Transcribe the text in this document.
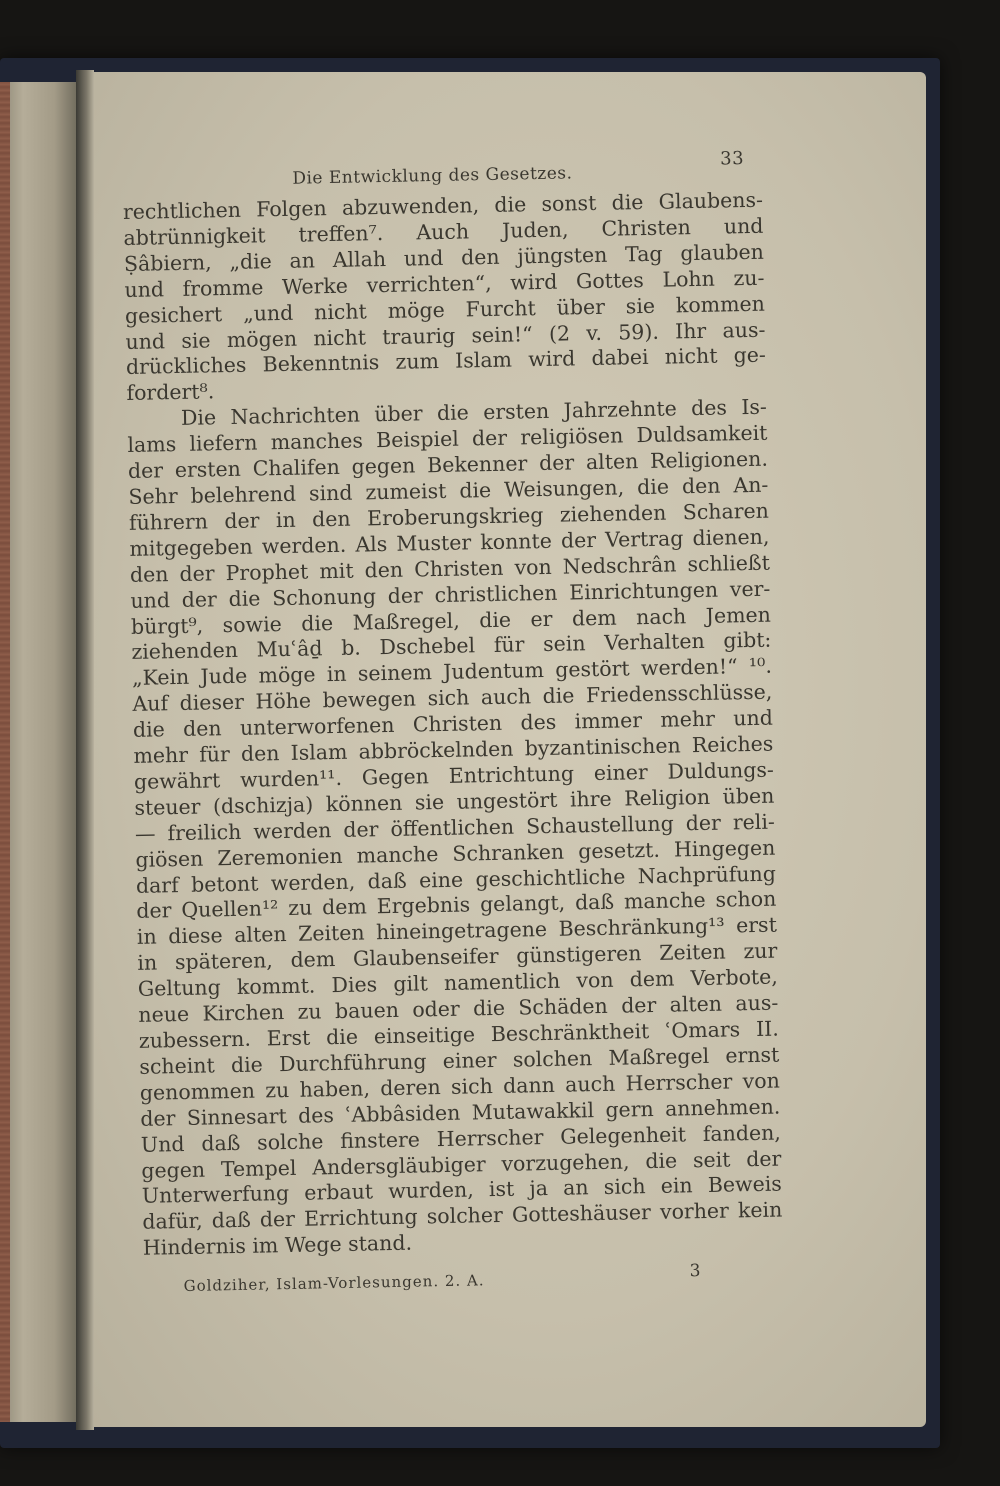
Die Entwicklung des Gesetzes.
33
rechtlichen Folgen abzuwenden, die sonst die Glaubens-
abtrünnigkeit treffen⁷. Auch Juden, Christen und
Ṣâbiern, „die an Allah und den jüngsten Tag glauben
und fromme Werke verrichten“, wird Gottes Lohn zu-
gesichert „und nicht möge Furcht über sie kommen
und sie mögen nicht traurig sein!“ (2 v. 59). Ihr aus-
drückliches Bekenntnis zum Islam wird dabei nicht ge-
fordert⁸.
Die Nachrichten über die ersten Jahrzehnte des Is-
lams liefern manches Beispiel der religiösen Duldsamkeit
der ersten Chalifen gegen Bekenner der alten Religionen.
Sehr belehrend sind zumeist die Weisungen, die den An-
führern der in den Eroberungskrieg ziehenden Scharen
mitgegeben werden. Als Muster konnte der Vertrag dienen,
den der Prophet mit den Christen von Nedschrân schließt
und der die Schonung der christlichen Einrichtungen ver-
bürgt⁹, sowie die Maßregel, die er dem nach Jemen
ziehenden Muʿâḏ b. Dschebel für sein Verhalten gibt:
„Kein Jude möge in seinem Judentum gestört werden!“ ¹⁰.
Auf dieser Höhe bewegen sich auch die Friedensschlüsse,
die den unterworfenen Christen des immer mehr und
mehr für den Islam abbröckelnden byzantinischen Reiches
gewährt wurden¹¹. Gegen Entrichtung einer Duldungs-
steuer (dschizja) können sie ungestört ihre Religion üben
— freilich werden der öffentlichen Schaustellung der reli-
giösen Zeremonien manche Schranken gesetzt. Hingegen
darf betont werden, daß eine geschichtliche Nachprüfung
der Quellen¹² zu dem Ergebnis gelangt, daß manche schon
in diese alten Zeiten hineingetragene Beschränkung¹³ erst
in späteren, dem Glaubenseifer günstigeren Zeiten zur
Geltung kommt. Dies gilt namentlich von dem Verbote,
neue Kirchen zu bauen oder die Schäden der alten aus-
zubessern. Erst die einseitige Beschränktheit ʿOmars II.
scheint die Durchführung einer solchen Maßregel ernst
genommen zu haben, deren sich dann auch Herrscher von
der Sinnesart des ʿAbbâsiden Mutawakkil gern annehmen.
Und daß solche finstere Herrscher Gelegenheit fanden,
gegen Tempel Andersgläubiger vorzugehen, die seit der
Unterwerfung erbaut wurden, ist ja an sich ein Beweis
dafür, daß der Errichtung solcher Gotteshäuser vorher kein
Hindernis im Wege stand.
Goldziher, Islam-Vorlesungen. 2. A.
3
